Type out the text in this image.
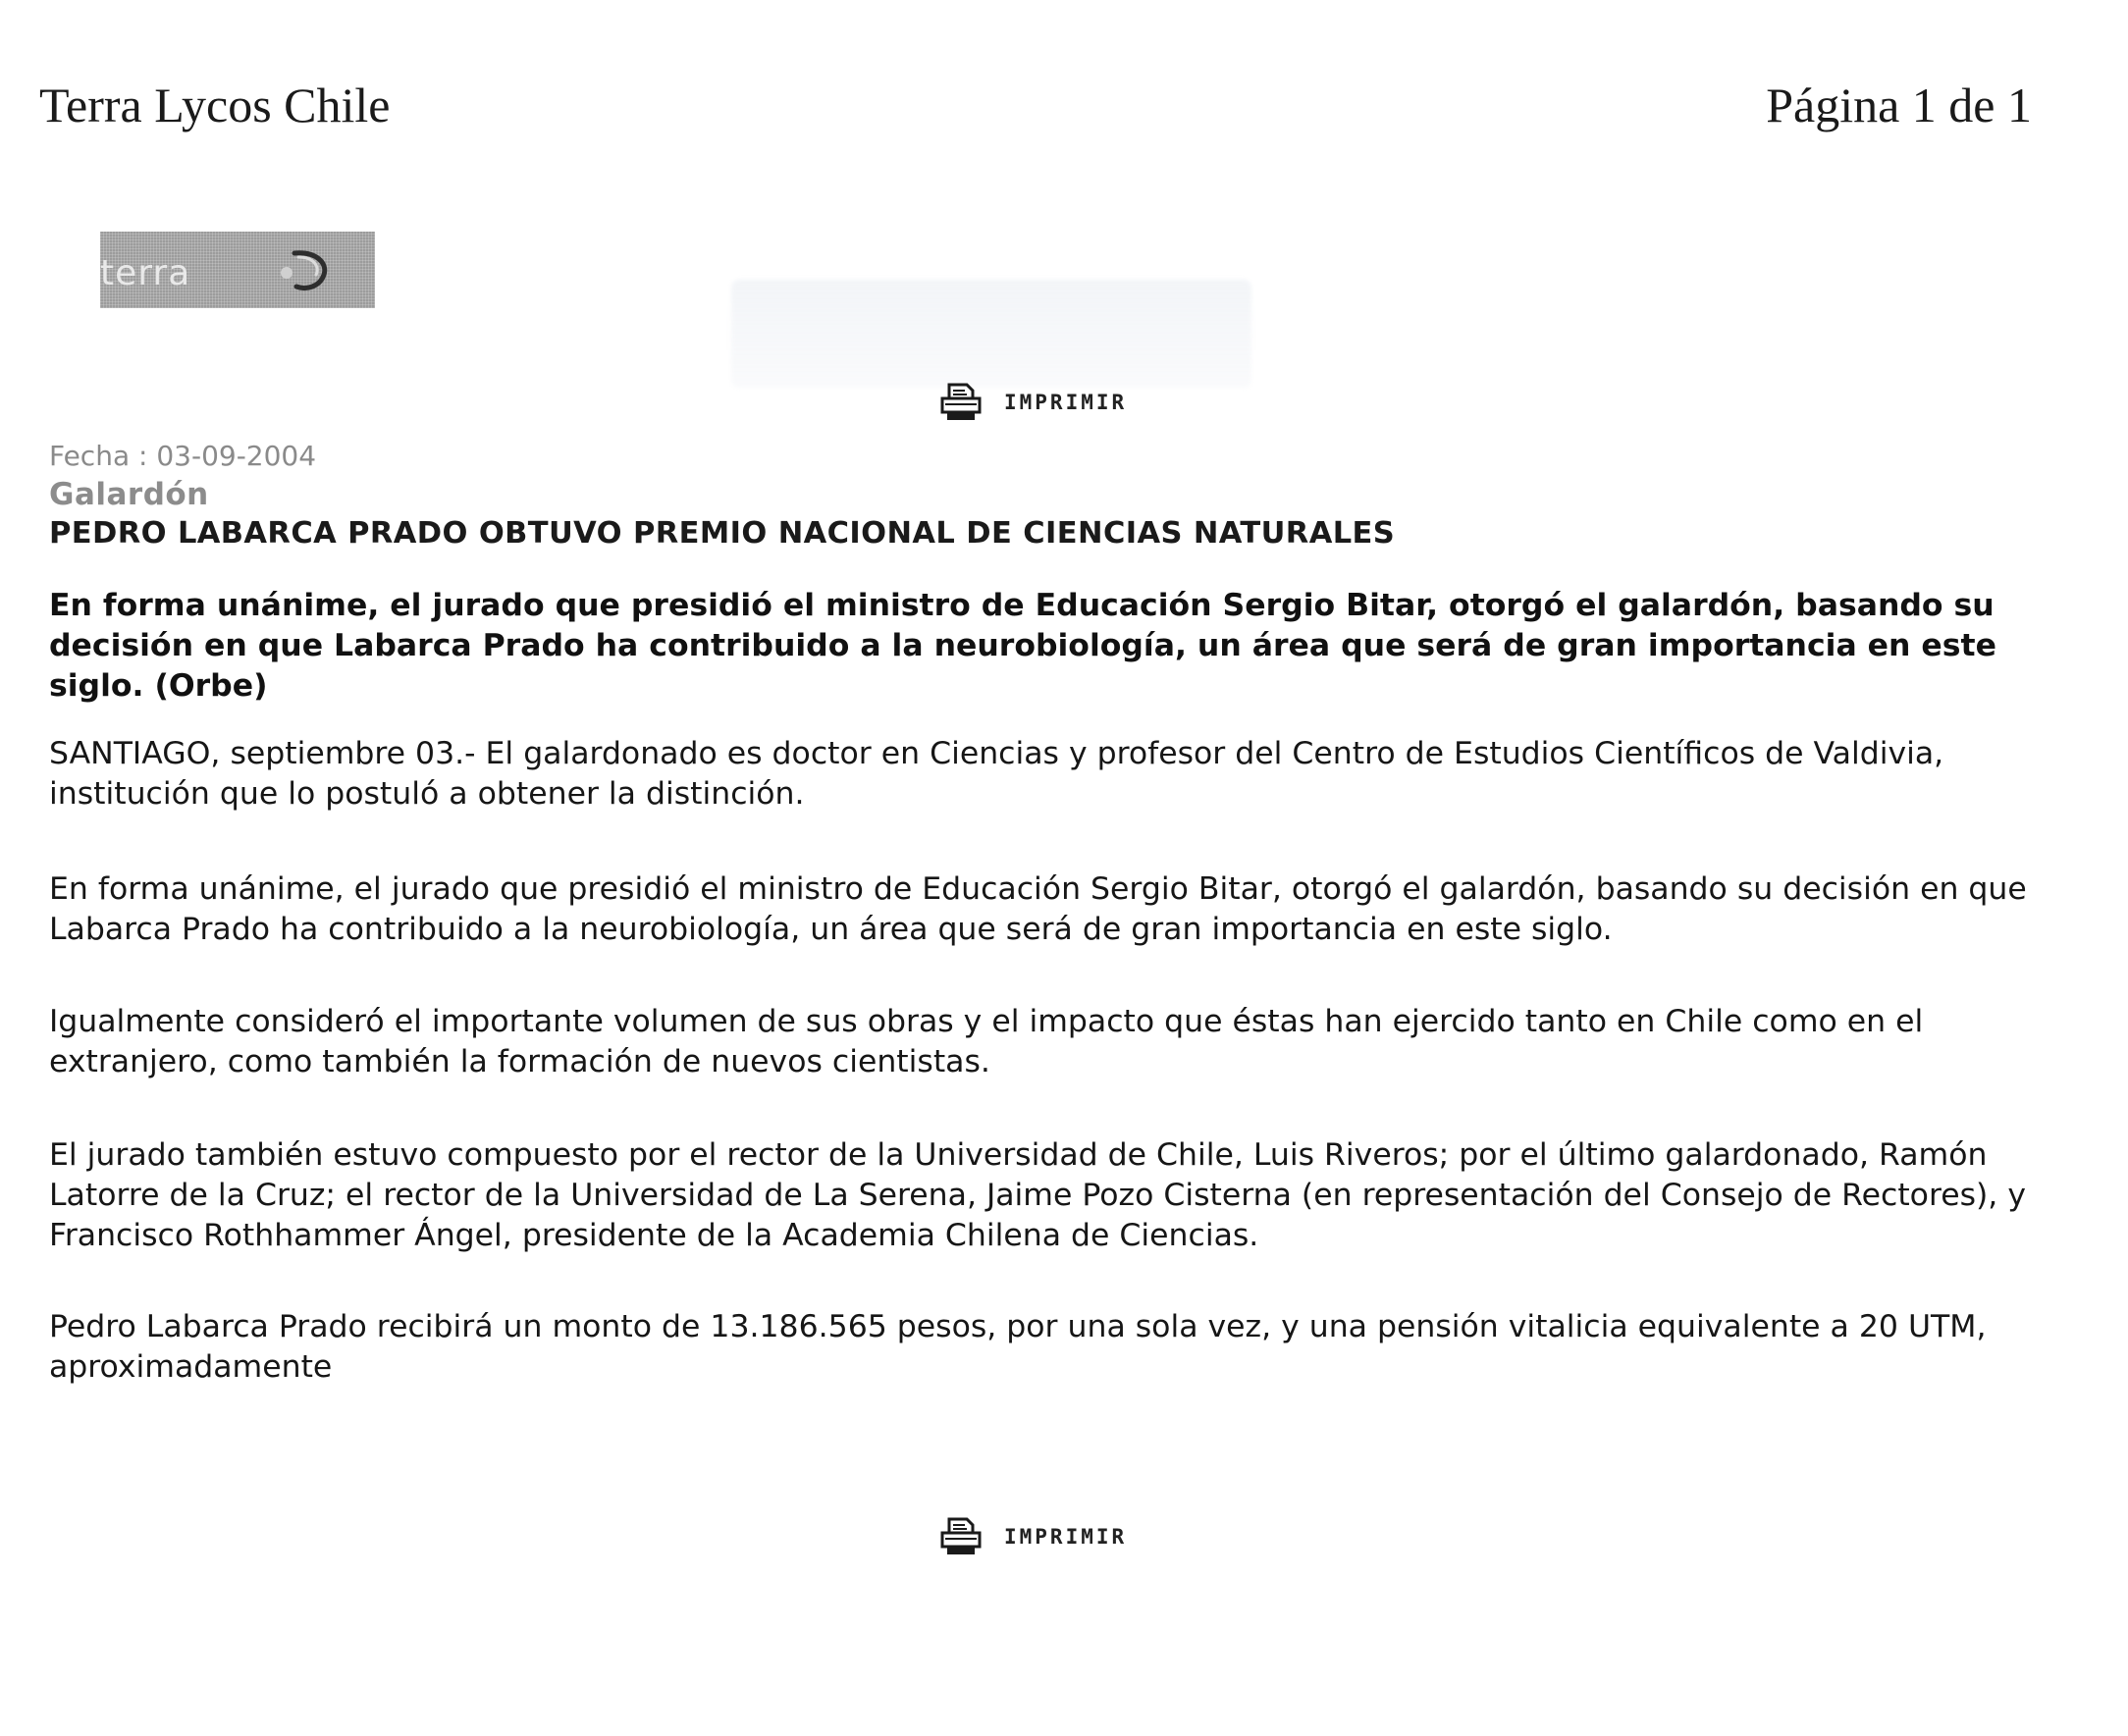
Terra Lycos Chile	Página 1 de 1
terra
IMPRIMIR
Fecha : 03-09-2004
Galardón
PEDRO LABARCA PRADO OBTUVO PREMIO NACIONAL DE CIENCIAS NATURALES
En forma unánime, el jurado que presidió el ministro de Educación Sergio Bitar, otorgó el galardón, basando su decisión en que Labarca Prado ha contribuido a la neurobiología, un área que será de gran importancia en este siglo. (Orbe)
SANTIAGO, septiembre 03.- El galardonado es doctor en Ciencias y profesor del Centro de Estudios Científicos de Valdivia, institución que lo postuló a obtener la distinción.
En forma unánime, el jurado que presidió el ministro de Educación Sergio Bitar, otorgó el galardón, basando su decisión en que Labarca Prado ha contribuido a la neurobiología, un área que será de gran importancia en este siglo.
Igualmente consideró el importante volumen de sus obras y el impacto que éstas han ejercido tanto en Chile como en el extranjero, como también la formación de nuevos cientistas.
El jurado también estuvo compuesto por el rector de la Universidad de Chile, Luis Riveros; por el último galardonado, Ramón Latorre de la Cruz; el rector de la Universidad de La Serena, Jaime Pozo Cisterna (en representación del Consejo de Rectores), y Francisco Rothhammer Ángel, presidente de la Academia Chilena de Ciencias.
Pedro Labarca Prado recibirá un monto de 13.186.565 pesos, por una sola vez, y una pensión vitalicia equivalente a 20 UTM, aproximadamente
IMPRIMIR
